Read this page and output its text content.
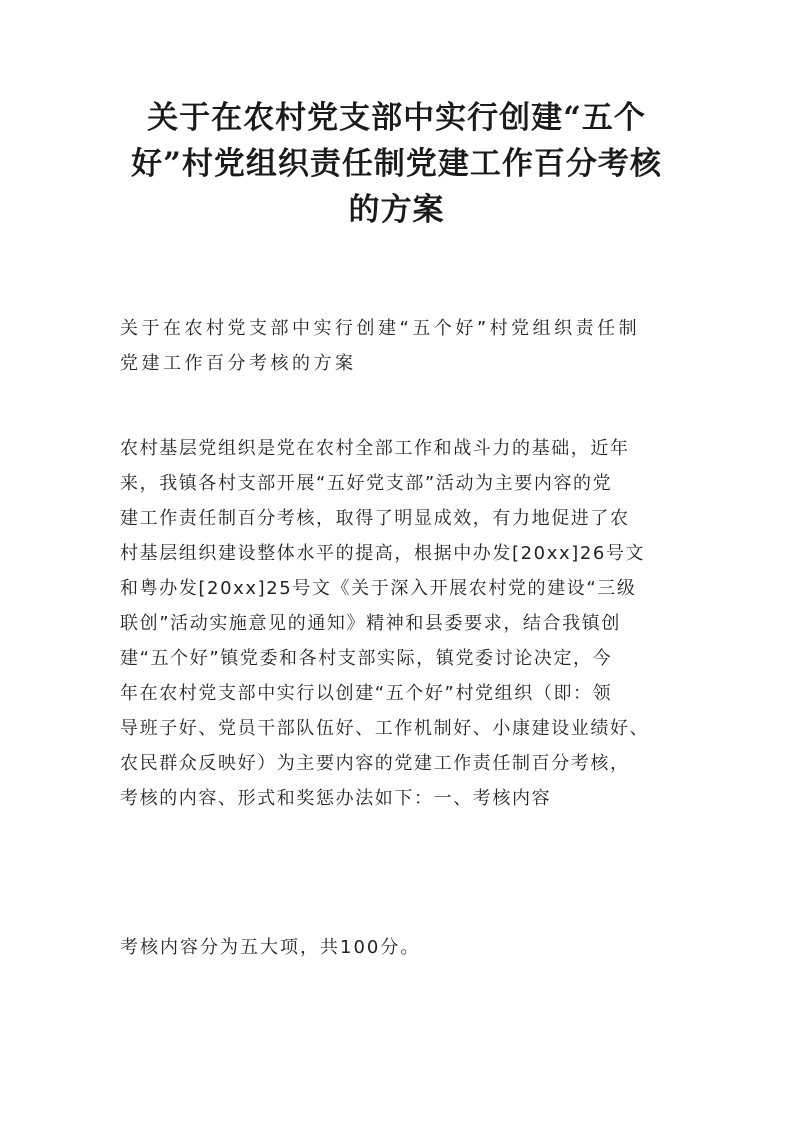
关于在农村党支部中实行创建“五个
好”村党组织责任制党建工作百分考核
的方案
关于在农村党支部中实行创建“五个好”村党组织责任制
党建工作百分考核的方案
农村基层党组织是党在农村全部工作和战斗力的基础，近年
来，我镇各村支部开展“五好党支部”活动为主要内容的党
建工作责任制百分考核，取得了明显成效，有力地促进了农
村基层组织建设整体水平的提高，根据中办发[20xx]26号文
和粤办发[20xx]25号文《关于深入开展农村党的建设“三级
联创”活动实施意见的通知》精神和县委要求，结合我镇创
建“五个好”镇党委和各村支部实际，镇党委讨论决定，今
年在农村党支部中实行以创建“五个好”村党组织（即：领
导班子好、党员干部队伍好、工作机制好、小康建设业绩好、
农民群众反映好）为主要内容的党建工作责任制百分考核，
考核的内容、形式和奖惩办法如下：一、考核内容
考核内容分为五大项，共100分。
